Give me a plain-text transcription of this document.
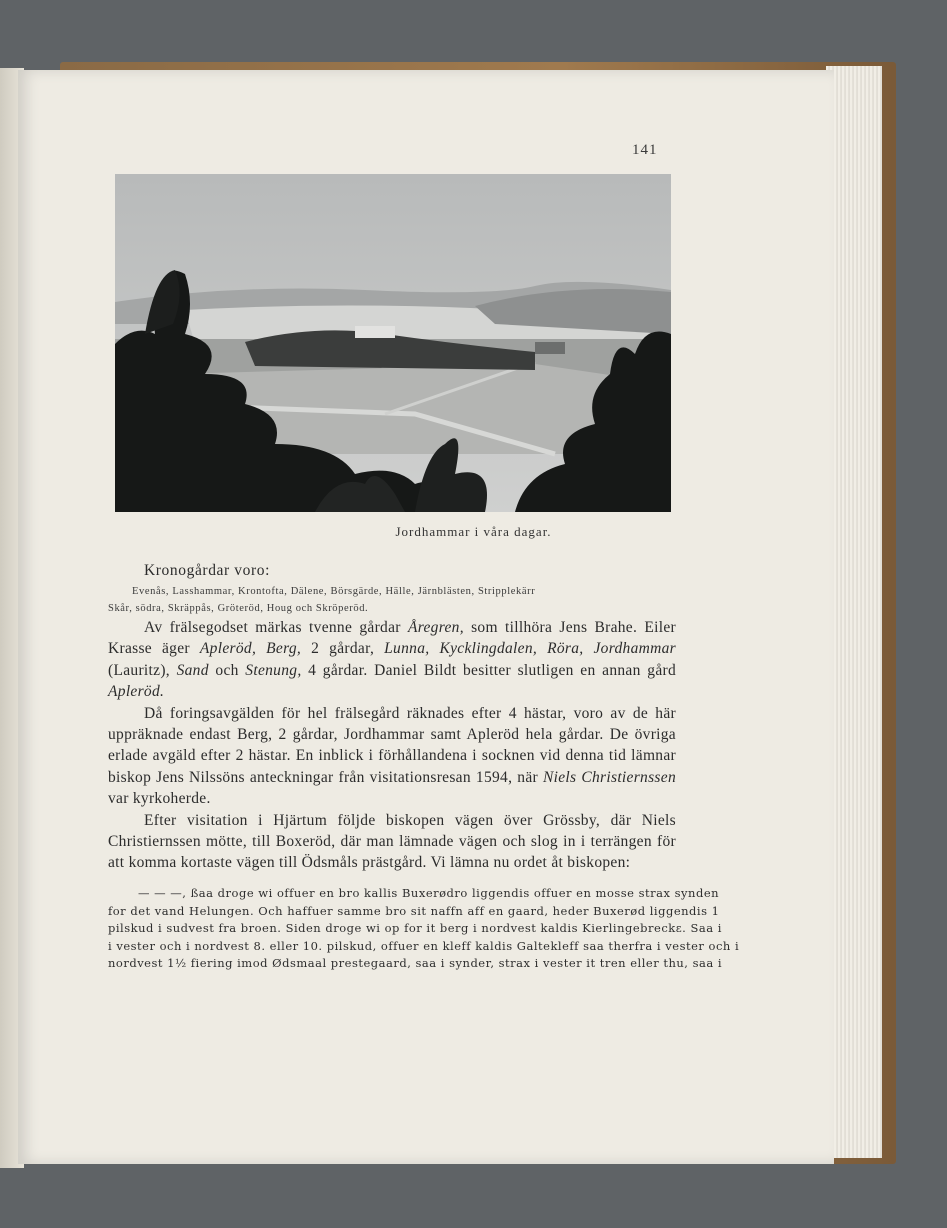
141
Jordhammar i våra dagar.
Kronogårdar voro:
Evenås, Lasshammar, Krontofta, Dälene, Börsgärde, Hälle, Järnblästen, Stripplekärr
Skår, södra, Skräppås, Gröteröd, Houg och Skröperöd.

Av frälsegodset märkas tvenne gårdar Åregren, som tillhöra Jens Brahe. Eiler Krasse äger Apleröd, Berg, 2 gårdar, Lunna, Kycklingdalen, Röra, Jordhammar (Lauritz), Sand och Stenung, 4 gårdar. Daniel Bildt besitter slutligen en annan gård Apleröd.

Då foringsavgälden för hel frälsegård räknades efter 4 hästar, voro av de här uppräknade endast Berg, 2 gårdar, Jordhammar samt Apleröd hela gårdar. De övriga erlade avgäld efter 2 hästar. En inblick i förhållandena i socknen vid denna tid lämnar biskop Jens Nilssöns anteckningar från visitationsresan 1594, när Niels Christiernssen var kyrkoherde.

Efter visitation i Hjärtum följde biskopen vägen över Grössby, där Niels Christiernssen mötte, till Boxeröd, där man lämnade vägen och slog in i terrängen för att komma kortaste vägen till Ödsmåls prästgård. Vi lämna nu ordet åt biskopen:

— — —, ßaa droge wi offuer en bro kallis Buxerødro liggendis offuer en mosse strax synden
for det vand Helungen. Och haffuer samme bro sit naffn aff en gaard, heder Buxerød liggendis 1
pilskud i sudvest fra broen. Siden droge wi op for it berg i nordvest kaldis Kierlingebreckε. Saa i
i vester och i nordvest 8. eller 10. pilskud, offuer en kleff kaldis Galtekleff saa therfra i vester och i
nordvest 1½ fiering imod Ødsmaal prestegaard, saa i synder, strax i vester it tren eller thu, saa i
